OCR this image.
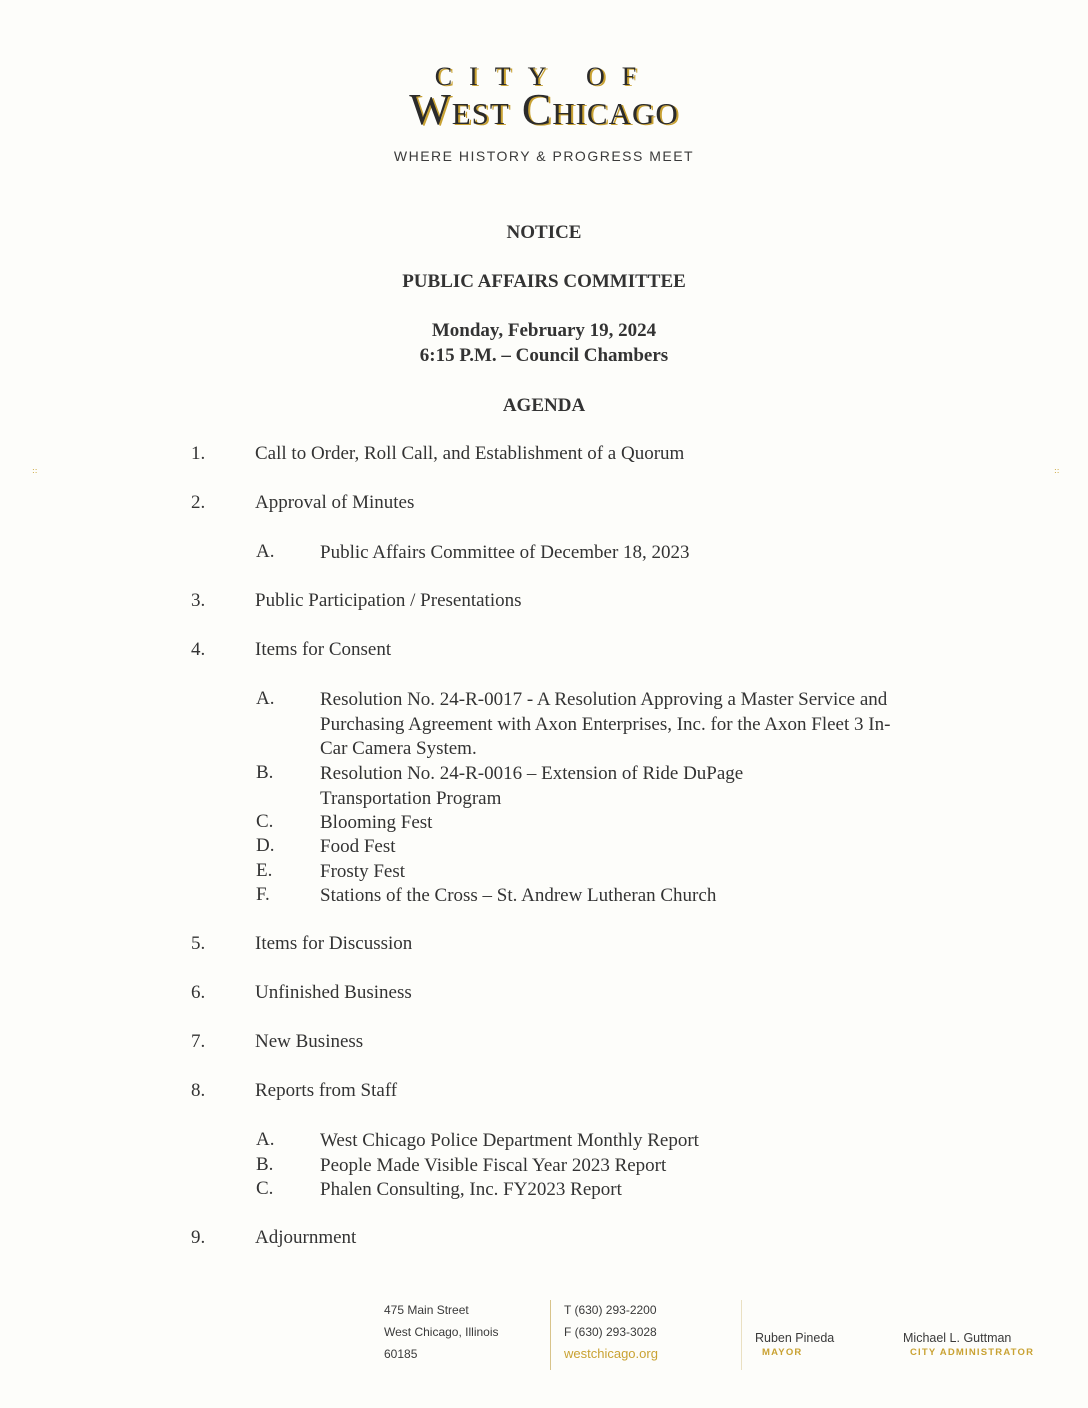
CITY OF
West Chicago
WHERE HISTORY & PROGRESS MEET
NOTICE
PUBLIC AFFAIRS COMMITTEE
Monday, February 19, 2024
6:15 P.M. – Council Chambers
AGENDA
::	::
1.	Call to Order, Roll Call, and Establishment of a Quorum
2.	Approval of Minutes
A. Public Affairs Committee of December 18, 2023
3.	Public Participation / Presentations
4.	Items for Consent
A. Resolution No. 24-R-0017 - A Resolution Approving a Master Service and Purchasing Agreement with Axon Enterprises, Inc. for the Axon Fleet 3 In-Car Camera System.
B. Resolution No. 24-R-0016 – Extension of Ride DuPage Transportation Program
C. Blooming Fest
D. Food Fest
E.	Frosty Fest
F.	Stations of the Cross – St. Andrew Lutheran Church
5.	Items for Discussion
6.	Unfinished Business
7.	New Business
8.	Reports from Staff
A. West Chicago Police Department Monthly Report
B. People Made Visible Fiscal Year 2023 Report
C. Phalen Consulting, Inc. FY2023 Report
9.	Adjournment
475 Main Street
West Chicago, Illinois
60185
T (630) 293-2200
F (630) 293-3028
westchicago.org
Ruben Pineda
MAYOR
Michael L. Guttman
CITY ADMINISTRATOR
